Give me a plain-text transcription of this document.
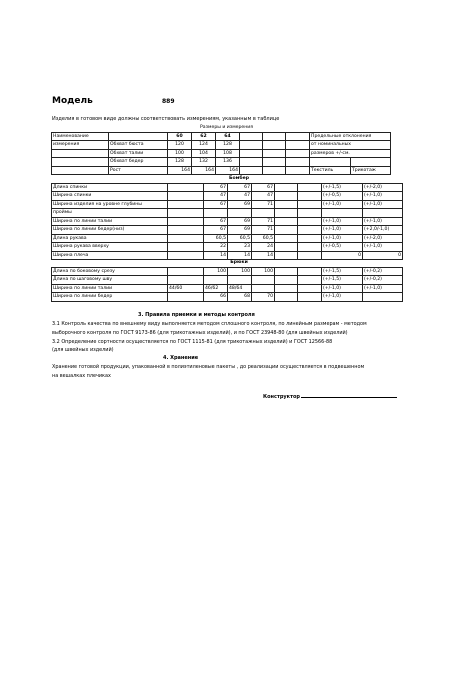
Модель	889
Изделия в готовом виде должны соответствовать измерениям, указанным в таблице
		Размеры и измерения							
Наименование		60	62	64				Предельные отклонения	
измерения	Обхват бюста	120	124	128				от номинальных	
	Обхват талии	100	104	108				размеров +/-см.	
	Обхват бедер	128	132	136					
	Рост	164	164	164				Текстиль	Трикотаж
		Бомбер						
Длина спинки		67	67	67			(+/-1,5)	(+/-2,0)
Ширина спинки		47	47	47			(+/-0,5)	(+/-1,0)
Ширина изделия на уровне глубины		67	69	71			(+/-1,0)	(+/-1,0)
проймы								
Ширина по линии талии		67	69	71			(+/-1,0)	(+/-1,0)
Ширина по линии бедер(низ)		67	69	71			(+/-1,0)	(+2,0/-1,0)
Длина рукава		60,5	60,5	60,5			(+/-1,0)	(+/-2,0)
Ширина рукава вверху		22	23	24			(+/-0,5)	(+/-1,0)
Ширина плеча		14	14	14			0	0
		Брюки						
Длина по боковому срезу		100	100	100			(+/-1,5)	(+/-0,2)
Длина по шаговому шву							(+/-1,5)	(+/-0,2)
Ширина по линии талии	44/60	46/62	48/64				(+/-1,0)	(+/-1,0)
Ширина по линии бедер		66	68	70			(+/-1,0)	
3. Правила приемки и методы контроля
3.1 Контроль качества по внешнему виду выполняется методом сплошного контроля, по линейным размерам - методом
выборочного контроля по ГОСТ 9173-86 (для трикотажных изделий), и по ГОСТ 23948-80 (для швейных изделий)
3.2 Определение сортности осуществляется по ГОСТ 1115-81 (для трикотажных изделий) и ГОСТ 12566-88
(для швейных изделий)
4. Хранение
Хранение готовой продукции, упакованной в полиэтиленовые пакеты , до реализации осуществляется в подвешенном
на вешалках плечиках
Конструктор
